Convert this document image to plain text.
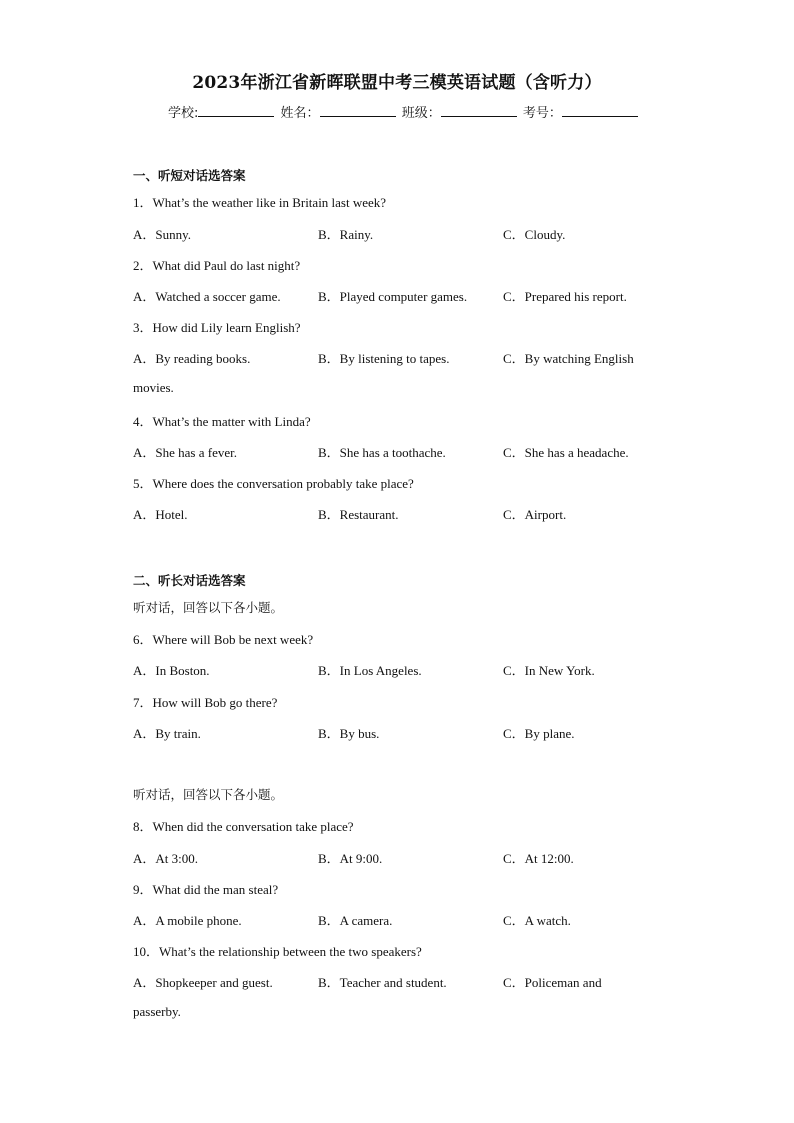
2023年浙江省新晖联盟中考三模英语试题（含听力）
学校:	姓名：	班级：	考号：
一、听短对话选答案
1．What’s the weather like in Britain last week?
A．Sunny.	B．Rainy.	C．Cloudy.
2．What did Paul do last night?
A．Watched a soccer game.	B．Played computer games.	C．Prepared his report.
3．How did Lily learn English?
A．By reading books.	B．By listening to tapes.	C．By watching English
movies.
4．What’s the matter with Linda?
A．She has a fever.	B．She has a toothache.	C．She has a headache.
5．Where does the conversation probably take place?
A．Hotel.	B．Restaurant.	C．Airport.
二、听长对话选答案
听对话，回答以下各小题。
6．Where will Bob be next week?
A．In Boston.	B．In Los Angeles.	C．In New York.
7．How will Bob go there?
A．By train.	B．By bus.	C．By plane.
听对话，回答以下各小题。
8．When did the conversation take place?
A．At 3:00.	B．At 9:00.	C．At 12:00.
9．What did the man steal?
A．A mobile phone.	B．A camera.	C．A watch.
10．What’s the relationship between the two speakers?
A．Shopkeeper and guest.	B．Teacher and student.	C．Policeman and
passerby.
